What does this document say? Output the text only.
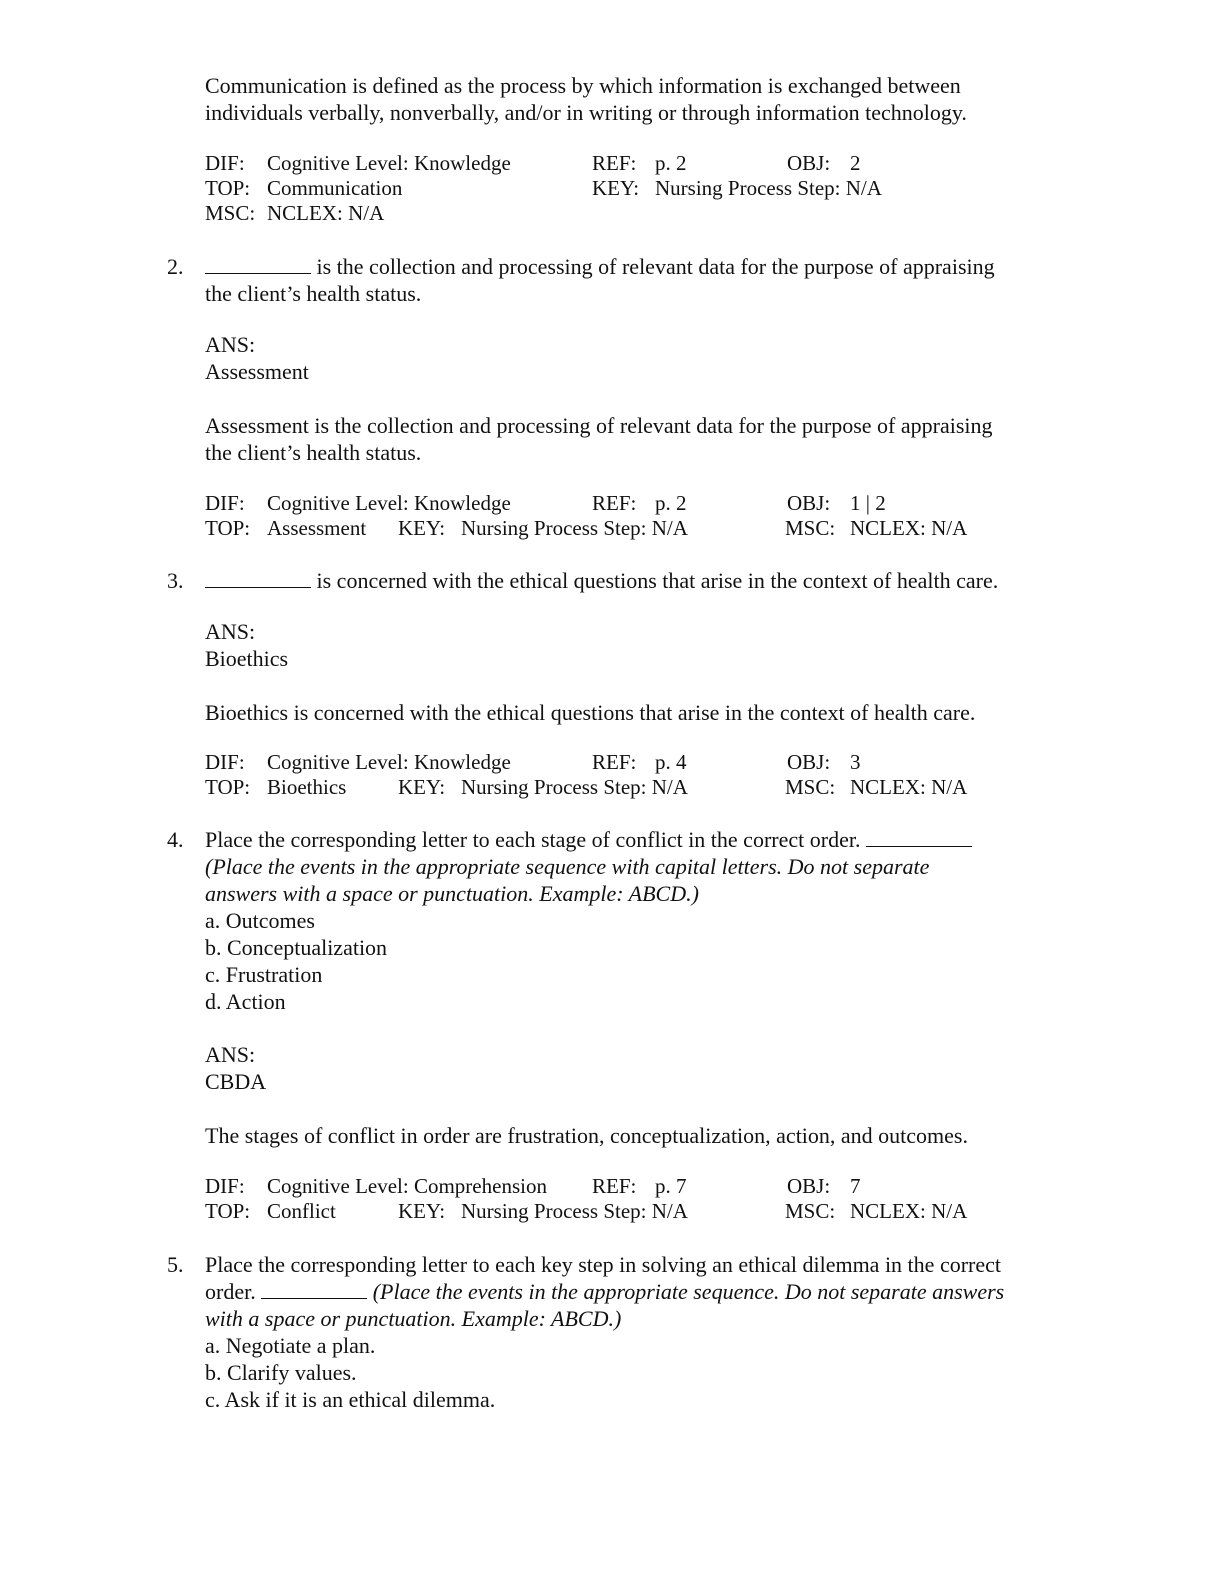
Communication is defined as the process by which information is exchanged between
individuals verbally, nonverbally, and/or in writing or through information technology.

DIF: Cognitive Level: Knowledge	REF: p. 2	OBJ: 2
TOP: Communication	KEY: Nursing Process Step: N/A
MSC: NCLEX: N/A
2.	is the collection and processing of relevant data for the purpose of appraising
the client’s health status.

ANS:
Assessment

Assessment is the collection and processing of relevant data for the purpose of appraising
the client’s health status.

DIF: Cognitive Level: Knowledge	REF: p. 2	OBJ: 1 | 2
TOP: Assessment KEY: Nursing Process Step: N/A	MSC: NCLEX: N/A
3.	is concerned with the ethical questions that arise in the context of health care.

ANS:
Bioethics

Bioethics is concerned with the ethical questions that arise in the context of health care.

DIF: Cognitive Level: Knowledge	REF: p. 4	OBJ: 3
TOP: Bioethics KEY: Nursing Process Step: N/A	MSC: NCLEX: N/A
4. Place the corresponding letter to each stage of conflict in the correct order.
(Place the events in the appropriate sequence with capital letters. Do not separate
answers with a space or punctuation. Example: ABCD.)
a. Outcomes
b. Conceptualization
c. Frustration
d. Action

ANS:
CBDA

The stages of conflict in order are frustration, conceptualization, action, and outcomes.

DIF: Cognitive Level: Comprehension REF: p. 7	OBJ: 7
TOP: Conflict	KEY: Nursing Process Step: N/A	MSC: NCLEX: N/A
5. Place the corresponding letter to each key step in solving an ethical dilemma in the correct
order.	(Place the events in the appropriate sequence. Do not separate answers
with a space or punctuation. Example: ABCD.)
a. Negotiate a plan.
b. Clarify values.
c. Ask if it is an ethical dilemma.
